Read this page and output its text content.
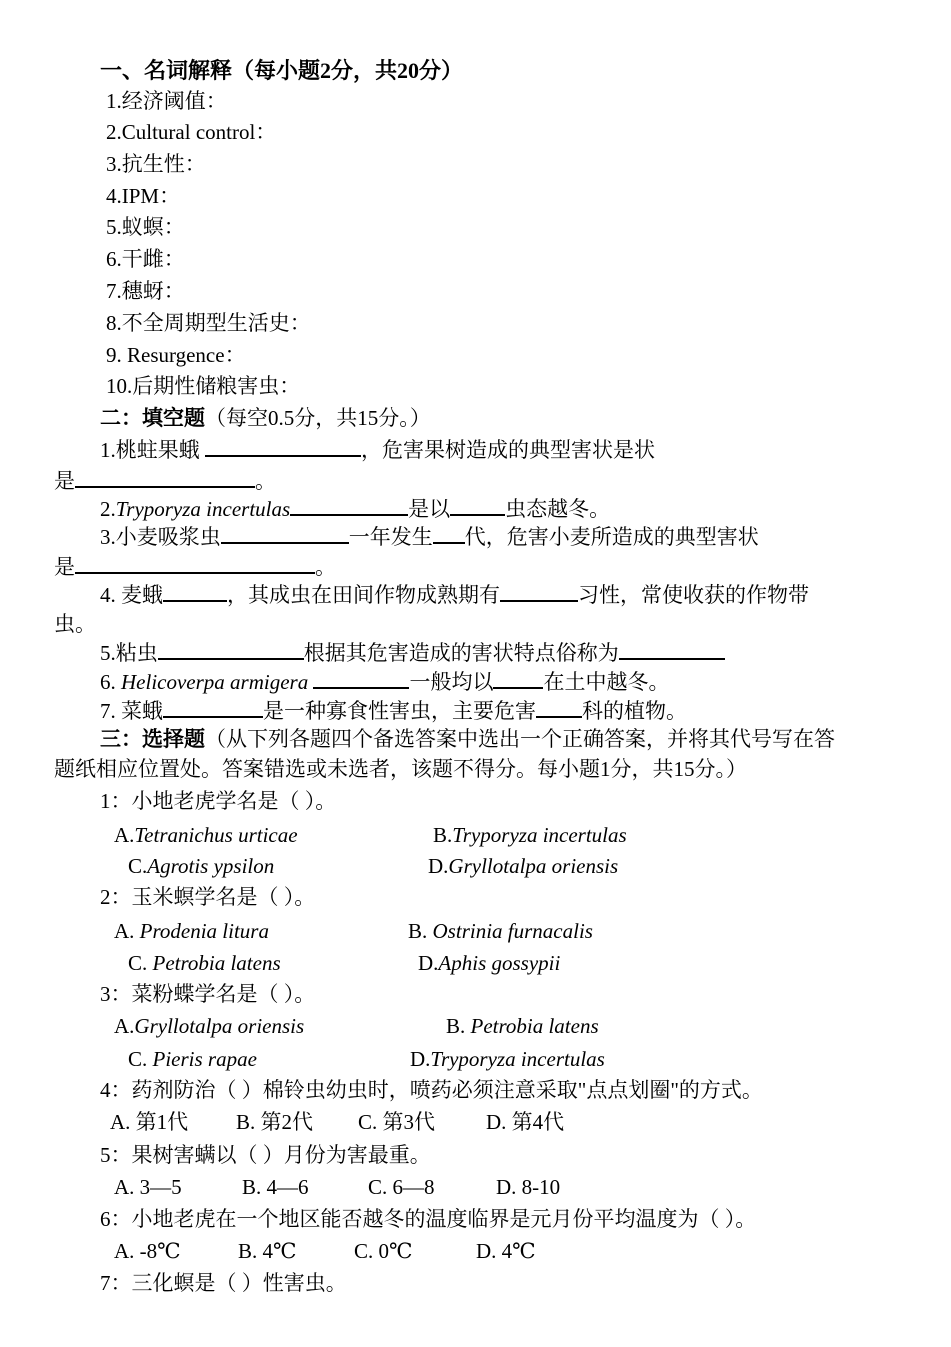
一、名词解释（每小题2分，共20分）
1.经济阈值：
2.Cultural control：
3.抗生性：
4.IPM：
5.蚁螟：
6.干雌：
7.穗蚜：
8.不全周期型生活史：
9. Resurgence：
10.后期性储粮害虫：
二：填空题（每空0.5分，共15分。）
1.桃蛀果蛾	，危害果树造成的典型害状是状
是	。
2.Tryporyza incertulas	是以	虫态越冬。
3.小麦吸浆虫	一年发生 代，危害小麦所造成的典型害状
是	。
4. 麦蛾	，其成虫在田间作物成熟期有	习性，常使收获的作物带
虫。
5.粘虫	根据其危害造成的害状特点俗称为
6. Helicoverpa armigera	一般均以 在土中越冬。
7. 菜蛾	是一种寡食性害虫，主要危害 科的植物。
三：选择题（从下列各题四个备选答案中选出一个正确答案，并将其代号写在答
题纸相应位置处。答案错选或未选者，该题不得分。每小题1分，共15分。）
1：小地老虎学名是（ ）。
A.Tetranichus urticae	B.Tryporyza incertulas
C.Agrotis ypsilon	D.Gryllotalpa oriensis
2：玉米螟学名是（ ）。
A. Prodenia litura	B. Ostrinia furnacalis
C. Petrobia latens	D.Aphis gossypii
3：菜粉蝶学名是（ ）。
A.Gryllotalpa oriensis	B. Petrobia latens
C. Pieris rapae	D.Tryporyza incertulas
4：药剂防治（ ）棉铃虫幼虫时，喷药必须注意采取"点点划圈"的方式。
A. 第1代 B. 第2代 C. 第3代 D. 第4代
5：果树害螨以（ ）月份为害最重。
A. 3—5	B. 4—6	C. 6—8	D. 8-10
6：小地老虎在一个地区能否越冬的温度临界是元月份平均温度为（ ）。
A. -8℃	B. 4℃	C. 0℃	D. 4℃
7：三化螟是（ ）性害虫。
